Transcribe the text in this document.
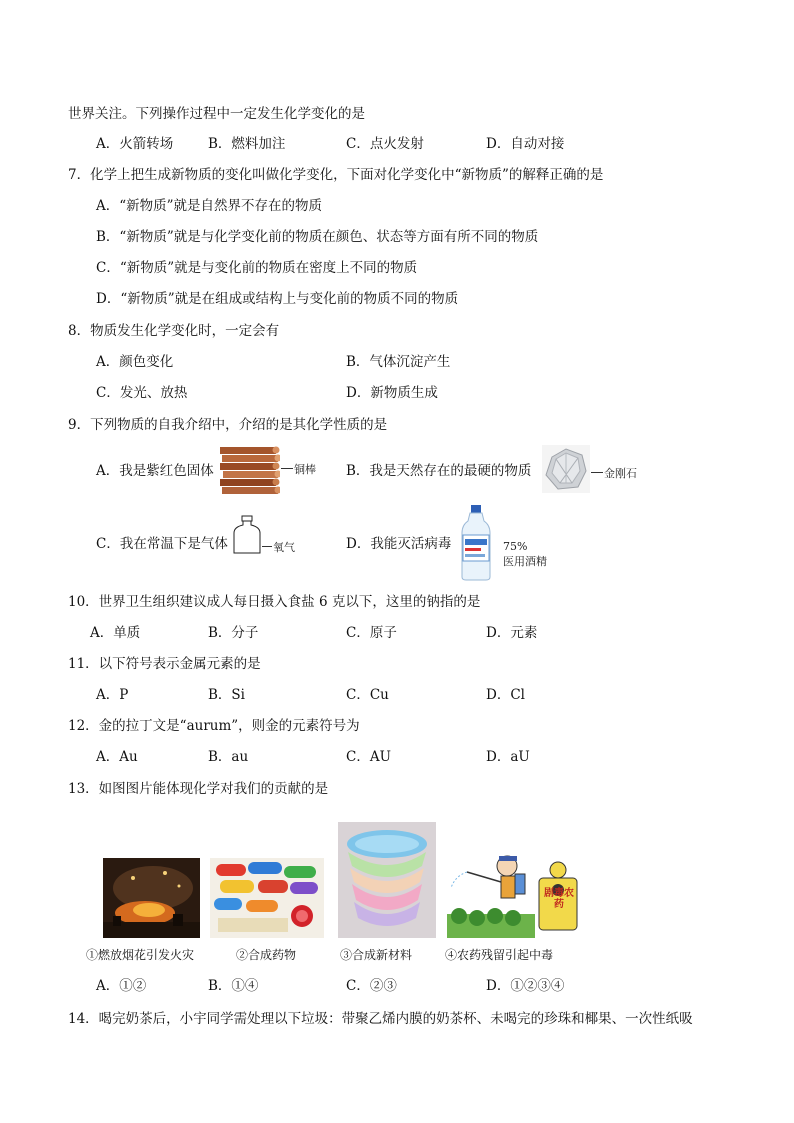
世界关注。下列操作过程中一定发生化学变化的是
A．火箭转场	B．燃料加注	C．点火发射	D．自动对接
7．化学上把生成新物质的变化叫做化学变化，下面对化学变化中“新物质”的解释正确的是
A．“新物质”就是自然界不存在的物质
B．“新物质”就是与化学变化前的物质在颜色、状态等方面有所不同的物质
C．“新物质”就是与变化前的物质在密度上不同的物质
D．“新物质”就是在组成或结构上与变化前的物质不同的物质
8．物质发生化学变化时，一定会有
A．颜色变化	B．气体沉淀产生
C．发光、放热	D．新物质生成
9．下列物质的自我介绍中，介绍的是其化学性质的是
A．我是紫红色固体	铜棒 B．我是天然存在的最硬的物质	金刚石
C．我在常温下是气体	氧气	D．我能灭活病毒	75%
医用酒精
10．世界卫生组织建议成人每日摄入食盐 6 克以下，这里的钠指的是
A．单质	B．分子	C．原子	D．元素
11．以下符号表示金属元素的是
A．P	B．Si	C．Cu	D．Cl
12．金的拉丁文是“aurum”，则金的元素符号为
A．Au	B．au	C．AU	D．aU
13．如图图片能体现化学对我们的贡献的是
剧毒农药
①燃放烟花引发火灾	②合成药物	③合成新材料	④农药残留引起中毒
A．①②	B．①④	C．②③	D．①②③④
14．喝完奶茶后，小宇同学需处理以下垃圾：带聚乙烯内膜的奶茶杯、未喝完的珍珠和椰果、一次性纸吸
